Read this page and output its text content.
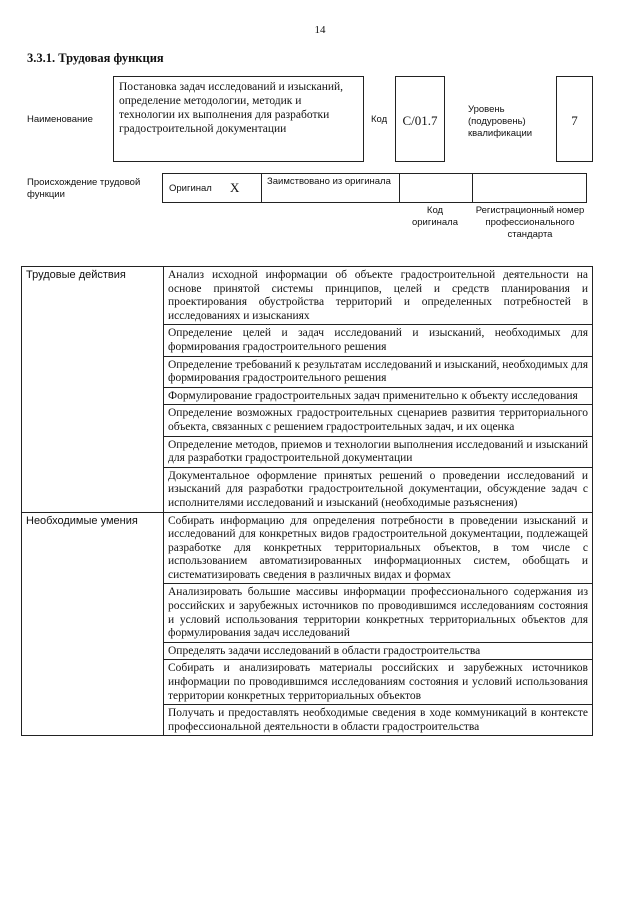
14
3.3.1. Трудовая функция
Наименование
Постановка задач исследований и изысканий, определение методологии, методик и технологии их выполнения для разработки градостроительной документации
Код С/01.7
Уровень (подуровень) квалификации
7
Происхождение трудовой функции
Оригинал Х	Заимствовано из оригинала
Код оригинала
Регистрационный номер профессионального стандарта
Трудовые действия	Анализ исходной информации об объекте градостроительной деятельности на основе принятой системы принципов, целей и средств планирования и проектирования обустройства территорий и определенных потребностей в исследованиях и изысканиях
	Определение целей и задач исследований и изысканий, необходимых для формирования градостроительного решения
	Определение требований к результатам исследований и изысканий, необходимых для формирования градостроительного решения
	Формулирование градостроительных задач применительно к объекту исследования
	Определение возможных градостроительных сценариев развития территориального объекта, связанных с решением градостроительных задач, и их оценка
	Определение методов, приемов и технологии выполнения исследований и изысканий для разработки градостроительной документации
	Документальное оформление принятых решений о проведении исследований и изысканий для разработки градостроительной документации, обсуждение задач с исполнителями исследований и изысканий (необходимые разъяснения)
Необходимые умения	Собирать информацию для определения потребности в проведении изысканий и исследований для конкретных видов градостроительной документации, подлежащей разработке для конкретных территориальных объектов, в том числе с использованием автоматизированных информационных систем, обобщать и систематизировать сведения в различных видах и формах
	Анализировать большие массивы информации профессионального содержания из российских и зарубежных источников по проводившимся исследованиям состояния и условий использования территории конкретных территориальных объектов для формулирования задач исследований
	Определять задачи исследований в области градостроительства
	Собирать и анализировать материалы российских и зарубежных источников информации по проводившимся исследованиям состояния и условий использования территории конкретных территориальных объектов
	Получать и предоставлять необходимые сведения в ходе коммуникаций в контексте профессиональной деятельности в области градостроительства
